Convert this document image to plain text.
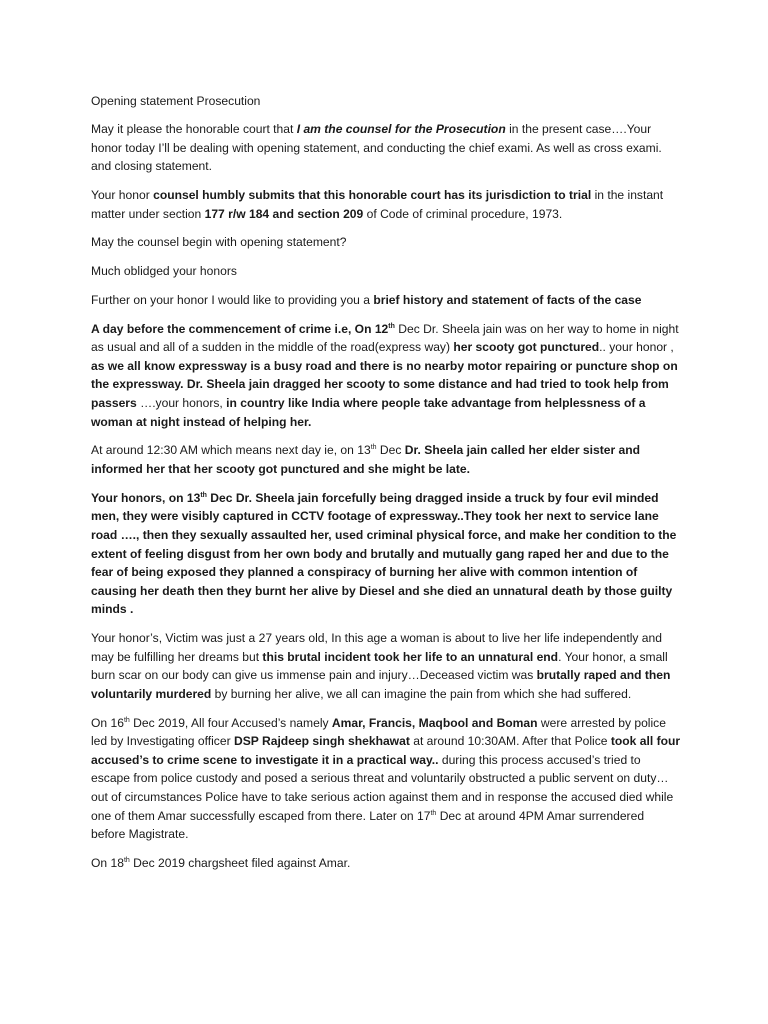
Opening statement Prosecution

May it please the honorable court that I am the counsel for the Prosecution in the present case….Your honor today I’ll be dealing with opening statement, and conducting the chief exami. As well as cross exami. and closing statement.

Your honor counsel humbly submits that this honorable court has its jurisdiction to trial in the instant matter under section 177 r/w 184 and section 209 of Code of criminal procedure, 1973.

May the counsel begin with opening statement?

Much oblidged your honors

Further on your honor I would like to providing you a brief history and statement of facts of the case

A day before the commencement of crime i.e, On 12th Dec Dr. Sheela jain was on her way to home in night as usual and all of a sudden in the middle of the road(express way) her scooty got punctured.. your honor , as we all know expressway is a busy road and there is no nearby motor repairing or puncture shop on the expressway. Dr. Sheela jain dragged her scooty to some distance and had tried to took help from passers ….your honors, in country like India where people take advantage from helplessness of a woman at night instead of helping her.

At around 12:30 AM which means next day ie, on 13th Dec Dr. Sheela jain called her elder sister and informed her that her scooty got punctured and she might be late.

Your honors, on 13th Dec Dr. Sheela jain forcefully being dragged inside a truck by four evil minded men, they were visibly captured in CCTV footage of expressway..They took her next to service lane road …., then they sexually assaulted her, used criminal physical force, and make her condition to the extent of feeling disgust from her own body and brutally and mutually gang raped her and due to the fear of being exposed they planned a conspiracy of burning her alive with common intention of causing her death then they burnt her alive by Diesel and she died an unnatural death by those guilty minds .

Your honor’s, Victim was just a 27 years old, In this age a woman is about to live her life independently and may be fulfilling her dreams but this brutal incident took her life to an unnatural end. Your honor, a small burn scar on our body can give us immense pain and injury…Deceased victim was brutally raped and then voluntarily murdered by burning her alive, we all can imagine the pain from which she had suffered.

On 16th Dec 2019, All four Accused’s namely Amar, Francis, Maqbool and Boman were arrested by police led by Investigating officer DSP Rajdeep singh shekhawat at around 10:30AM. After that Police took all four accused’s to crime scene to investigate it in a practical way.. during this process accused’s tried to escape from police custody and posed a serious threat and voluntarily obstructed a public servent on duty…out of circumstances Police have to take serious action against them and in response the accused died while one of them Amar successfully escaped from there. Later on 17th Dec at around 4PM Amar surrendered before Magistrate.

On 18th Dec 2019 chargsheet filed against Amar.
